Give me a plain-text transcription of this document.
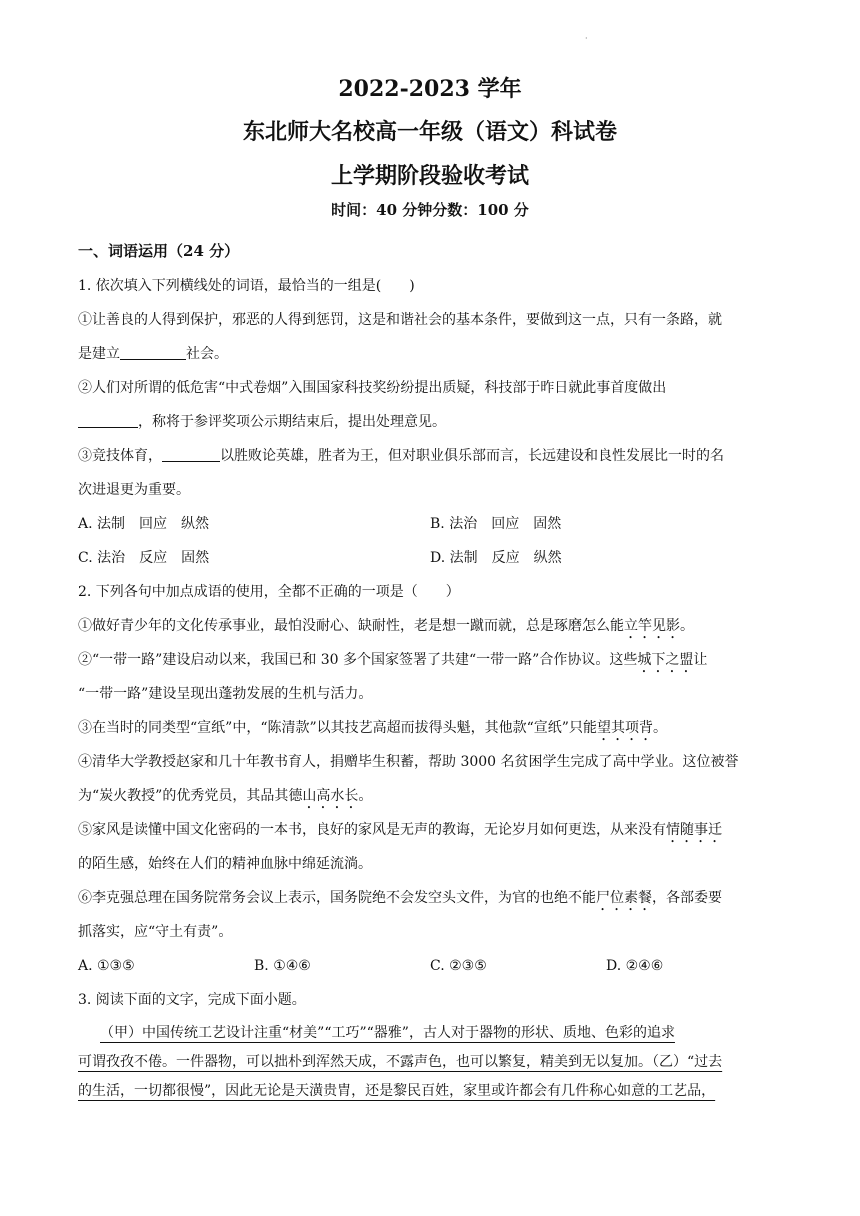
·
2022-2023 学年
东北师大名校高一年级（语文）科试卷
上学期阶段验收考试
时间：40 分钟分数：100 分
一、词语运用（24 分）

1. 依次填入下列横线处的词语，最恰当的一组是(　　)

①让善良的人得到保护，邪恶的人得到惩罚，这是和谐社会的基本条件，要做到这一点，只有一条路，就
是建立	社会。

②人们对所谓的低危害“中式卷烟”入围国家科技奖纷纷提出质疑，科技部于昨日就此事首度做出
，称将于参评奖项公示期结束后，提出处理意见。

③竞技体育，	以胜败论英雄，胜者为王，但对职业俱乐部而言，长远建设和良性发展比一时的名
次进退更为重要。

A. 法制　回应　纵然	B. 法治　回应　固然
C. 法治　反应　固然	D. 法制　反应　纵然

2. 下列各句中加点成语的使用，全都不正确的一项是（　　）

①做好青少年的文化传承事业，最怕没耐心、缺耐性，老是想一蹴而就，总是琢磨怎么能立竿见影。

②“一带一路”建设启动以来，我国已和 30 多个国家签署了共建“一带一路”合作协议。这些城下之盟让
“一带一路”建设呈现出蓬勃发展的生机与活力。

③在当时的同类型“宣纸”中，“陈清款”以其技艺高超而拔得头魁，其他款“宣纸”只能望其项背。

④清华大学教授赵家和几十年教书育人，捐赠毕生积蓄，帮助 3000 名贫困学生完成了高中学业。这位被誉
为“炭火教授”的优秀党员，其品其德山高水长。

⑤家风是读懂中国文化密码的一本书，良好的家风是无声的教诲，无论岁月如何更迭，从来没有情随事迁
的陌生感，始终在人们的精神血脉中绵延流淌。

⑥李克强总理在国务院常务会议上表示，国务院绝不会发空头文件，为官的也绝不能尸位素餐，各部委要
抓落实，应“守土有责”。

A. ①③⑤	B. ①④⑥	C. ②③⑤	D. ②④⑥

3. 阅读下面的文字，完成下面小题。

（甲）中国传统工艺设计注重“材美”“工巧”“器雅”，古人对于器物的形状、质地、色彩的追求
可谓孜孜不倦。一件器物，可以拙朴到浑然天成，不露声色，也可以繁复，精美到无以复加。（乙）“过去
的生活，一切都很慢”，因此无论是天潢贵胄，还是黎民百姓，家里或许都会有几件称心如意的工艺品，
